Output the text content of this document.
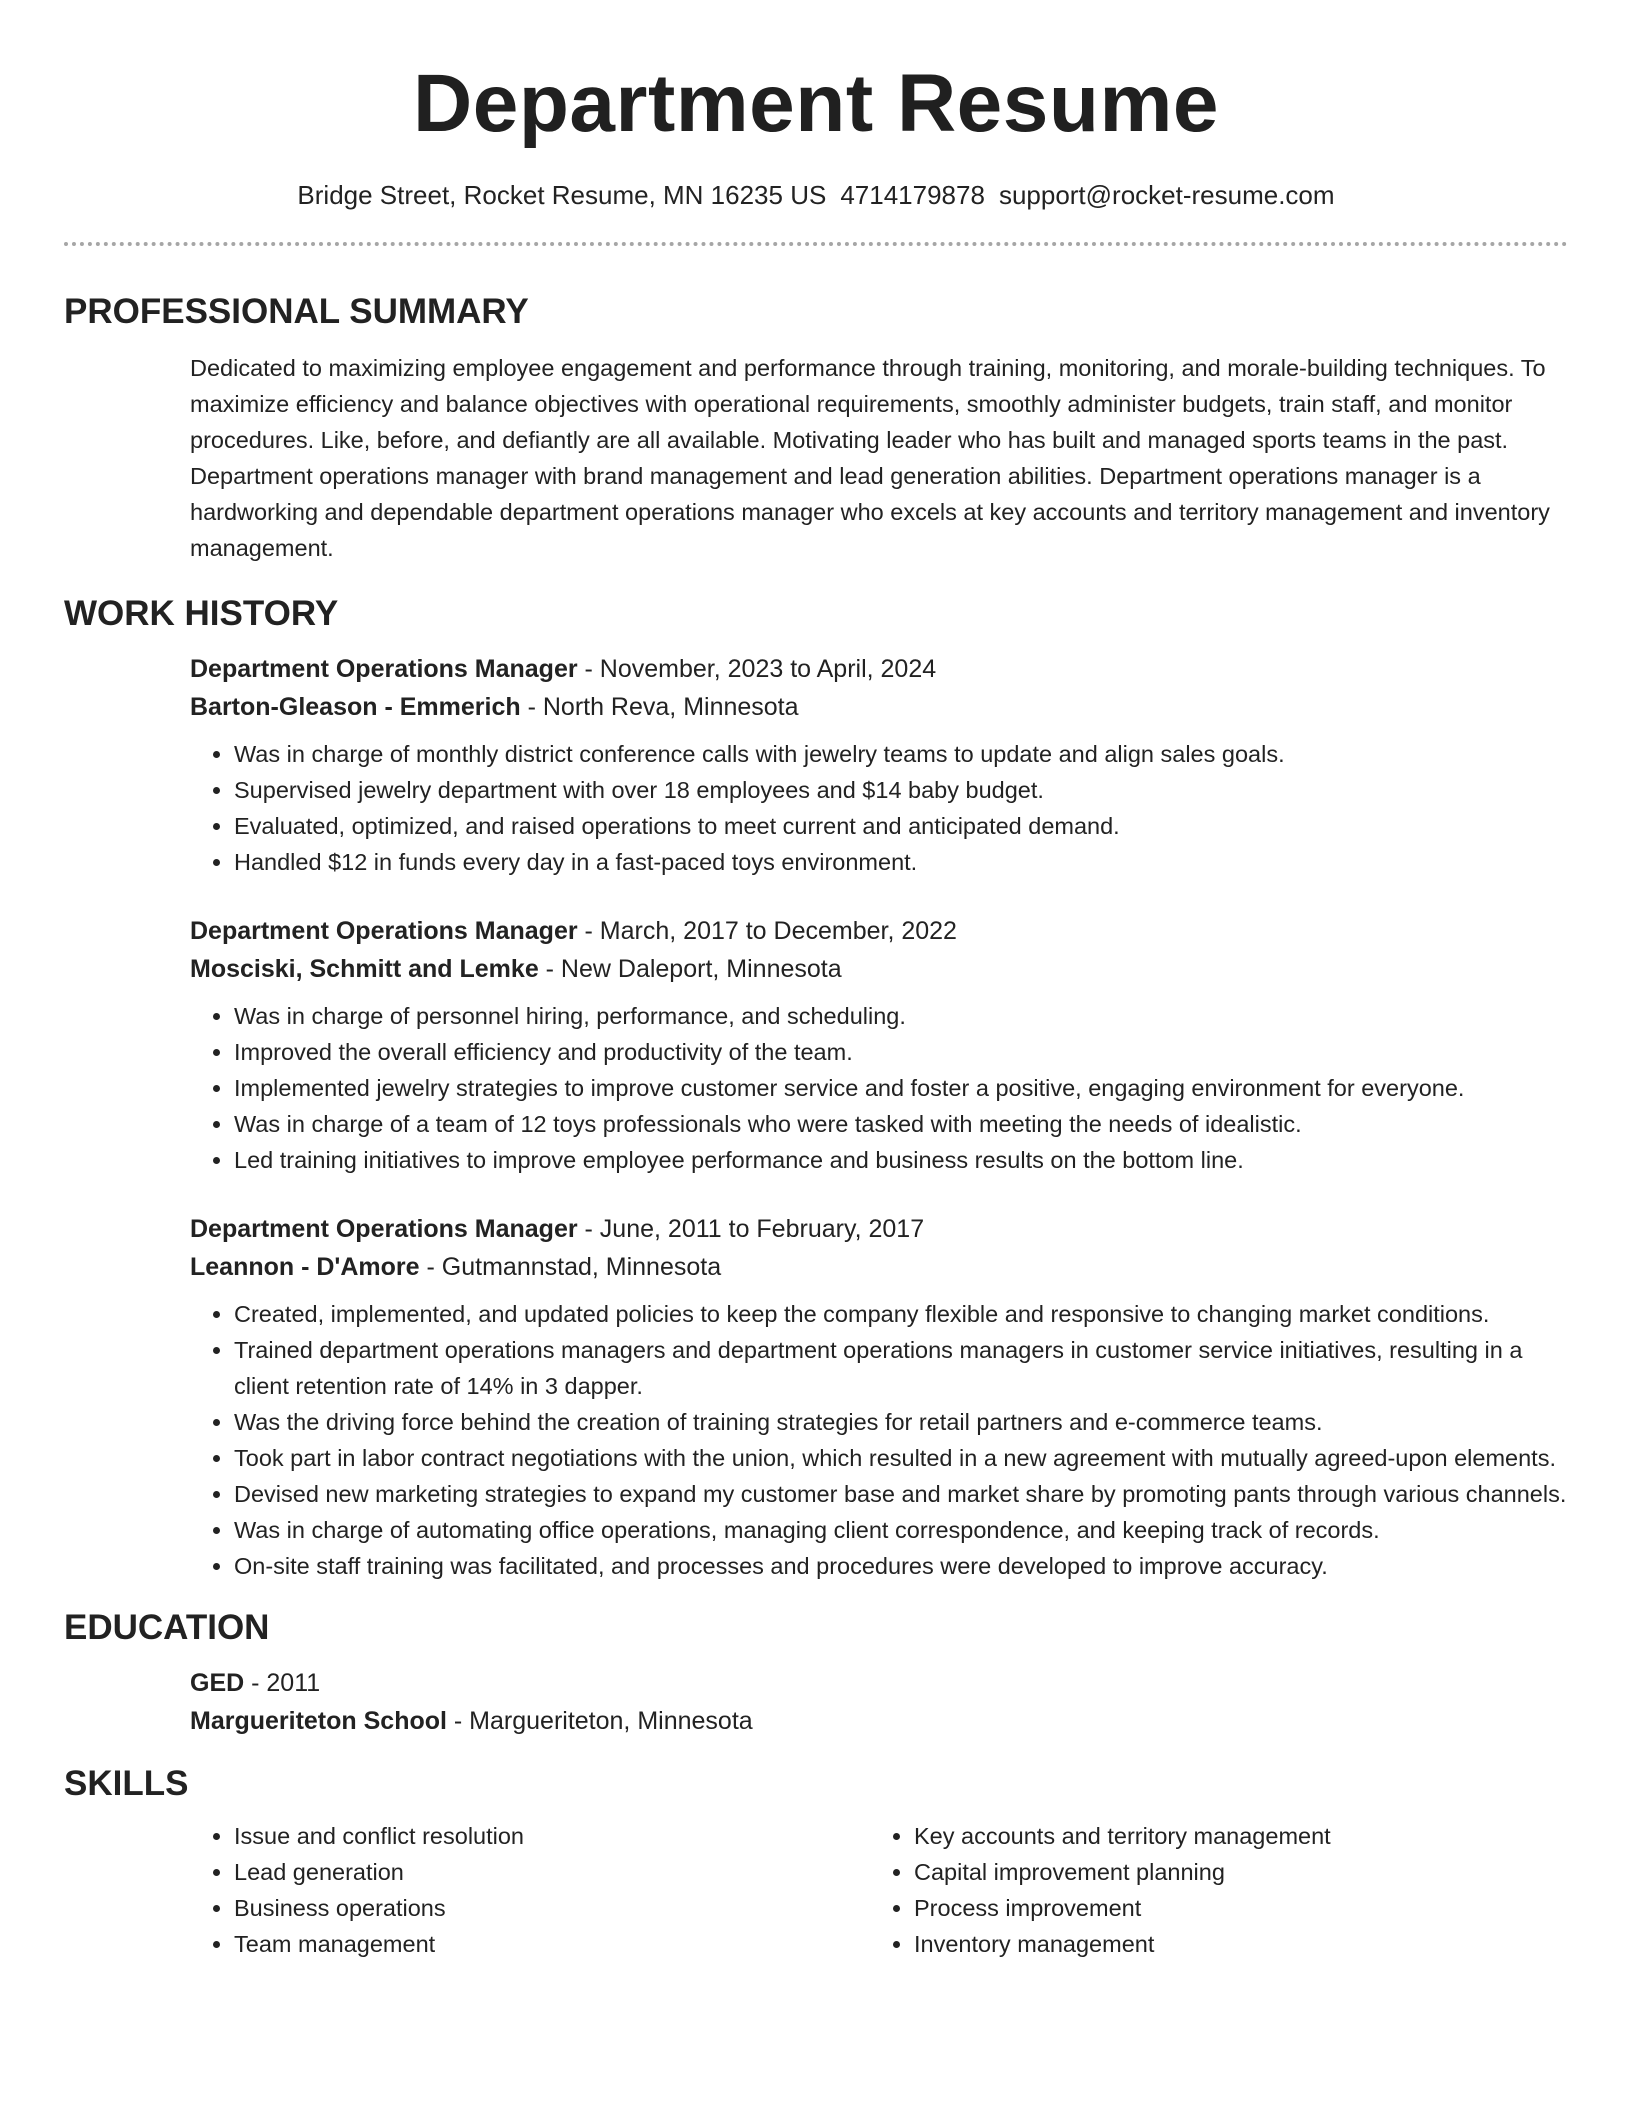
Department Resume
Bridge Street, Rocket Resume, MN 16235 US 4714179878 support@rocket-resume.com
PROFESSIONAL SUMMARY
Dedicated to maximizing employee engagement and performance through training, monitoring, and morale-building techniques. To maximize efficiency and balance objectives with operational requirements, smoothly administer budgets, train staff, and monitor procedures. Like, before, and defiantly are all available. Motivating leader who has built and managed sports teams in the past. Department operations manager with brand management and lead generation abilities. Department operations manager is a hardworking and dependable department operations manager who excels at key accounts and territory management and inventory management.
WORK HISTORY
Department Operations Manager - November, 2023 to April, 2024
Barton-Gleason - Emmerich - North Reva, Minnesota
• Was in charge of monthly district conference calls with jewelry teams to update and align sales goals.
• Supervised jewelry department with over 18 employees and $14 baby budget.
• Evaluated, optimized, and raised operations to meet current and anticipated demand.
• Handled $12 in funds every day in a fast-paced toys environment.
Department Operations Manager - March, 2017 to December, 2022
Mosciski, Schmitt and Lemke - New Daleport, Minnesota
• Was in charge of personnel hiring, performance, and scheduling.
• Improved the overall efficiency and productivity of the team.
• Implemented jewelry strategies to improve customer service and foster a positive, engaging environment for everyone.
• Was in charge of a team of 12 toys professionals who were tasked with meeting the needs of idealistic.
• Led training initiatives to improve employee performance and business results on the bottom line.
Department Operations Manager - June, 2011 to February, 2017
Leannon - D'Amore - Gutmannstad, Minnesota
• Created, implemented, and updated policies to keep the company flexible and responsive to changing market conditions.
• Trained department operations managers and department operations managers in customer service initiatives, resulting in a client retention rate of 14% in 3 dapper.
• Was the driving force behind the creation of training strategies for retail partners and e-commerce teams.
• Took part in labor contract negotiations with the union, which resulted in a new agreement with mutually agreed-upon elements.
• Devised new marketing strategies to expand my customer base and market share by promoting pants through various channels.
• Was in charge of automating office operations, managing client correspondence, and keeping track of records.
• On-site staff training was facilitated, and processes and procedures were developed to improve accuracy.
EDUCATION
GED - 2011
Margueriteton School - Margueriteton, Minnesota
SKILLS
• Issue and conflict resolution
• Lead generation
• Business operations
• Team management
• Key accounts and territory management
• Capital improvement planning
• Process improvement
• Inventory management
